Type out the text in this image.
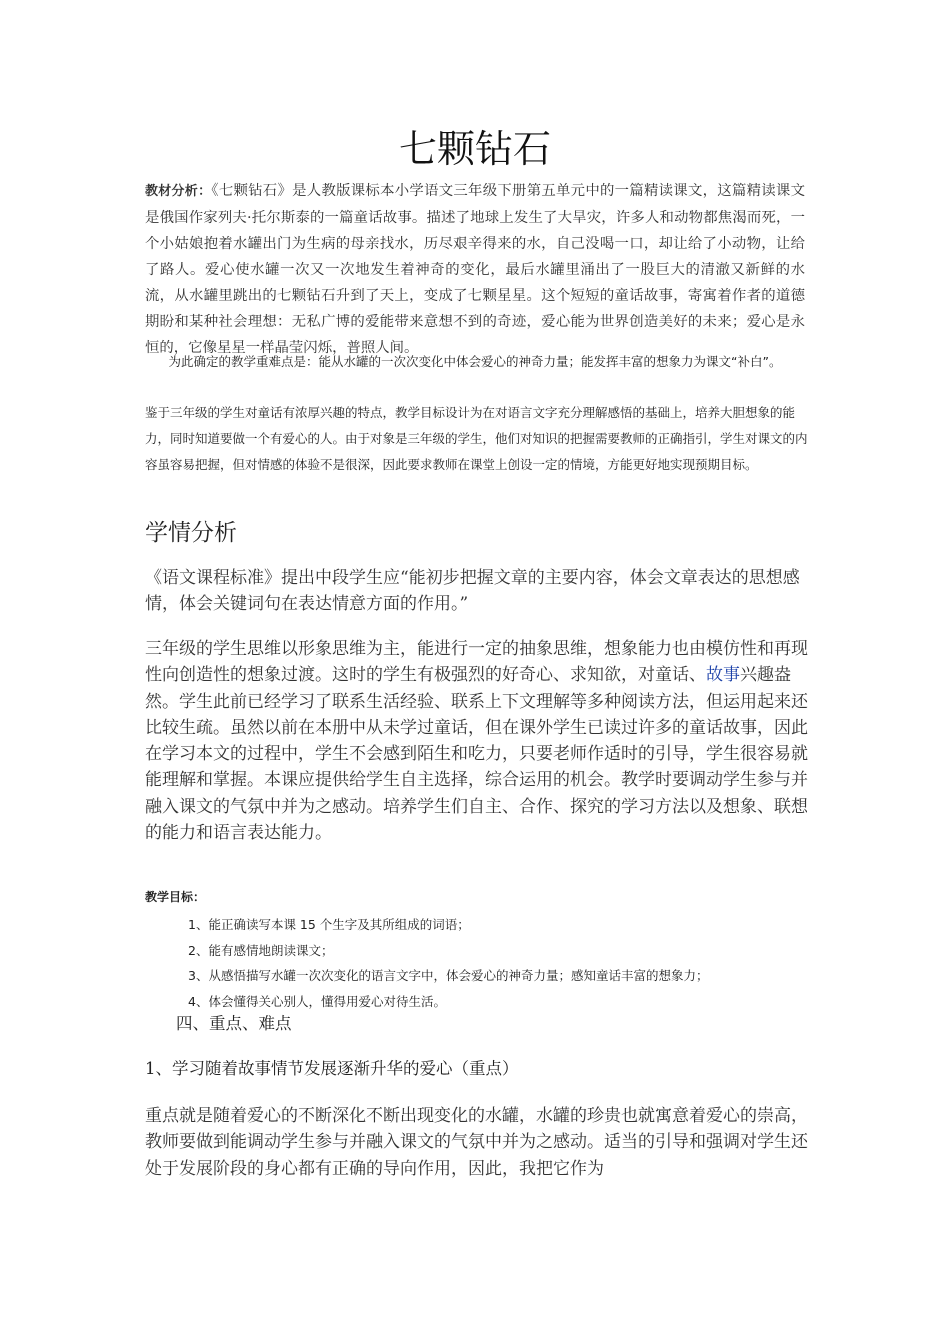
七颗钻石
教材分析：《七颗钻石》是人教版课标本小学语文三年级下册第五单元中的一篇精读课文，这篇精读课文是俄国作家列夫·托尔斯泰的一篇童话故事。描述了地球上发生了大旱灾，许多人和动物都焦渴而死，一个小姑娘抱着水罐出门为生病的母亲找水，历尽艰辛得来的水，自己没喝一口，却让给了小动物，让给了路人。爱心使水罐一次又一次地发生着神奇的变化，最后水罐里涌出了一股巨大的清澈又新鲜的水流，从水罐里跳出的七颗钻石升到了天上，变成了七颗星星。这个短短的童话故事，寄寓着作者的道德期盼和某种社会理想：无私广博的爱能带来意想不到的奇迹，爱心能为世界创造美好的未来；爱心是永恒的，它像星星一样晶莹闪烁，普照人间。
为此确定的教学重难点是：能从水罐的一次次变化中体会爱心的神奇力量；能发挥丰富的想象力为课文“补白”。
鉴于三年级的学生对童话有浓厚兴趣的特点，教学目标设计为在对语言文字充分理解感悟的基础上，培养大胆想象的能力，同时知道要做一个有爱心的人。由于对象是三年级的学生，他们对知识的把握需要教师的正确指引，学生对课文的内容虽容易把握，但对情感的体验不是很深，因此要求教师在课堂上创设一定的情境，方能更好地实现预期目标。
学情分析
《语文课程标准》提出中段学生应“能初步把握文章的主要内容，体会文章表达的思想感情，体会关键词句在表达情意方面的作用。”
三年级的学生思维以形象思维为主，能进行一定的抽象思维，想象能力也由模仿性和再现性向创造性的想象过渡。这时的学生有极强烈的好奇心、求知欲，对童话、故事兴趣盎然。学生此前已经学习了联系生活经验、联系上下文理解等多种阅读方法，但运用起来还比较生疏。虽然以前在本册中从未学过童话，但在课外学生已读过许多的童话故事，因此在学习本文的过程中，学生不会感到陌生和吃力，只要老师作适时的引导，学生很容易就能理解和掌握。本课应提供给学生自主选择，综合运用的机会。教学时要调动学生参与并融入课文的气氛中并为之感动。培养学生们自主、合作、探究的学习方法以及想象、联想的能力和语言表达能力。
教学目标：
1、能正确读写本课 15 个生字及其所组成的词语；
2、能有感情地朗读课文；
3、从感悟描写水罐一次次变化的语言文字中，体会爱心的神奇力量；感知童话丰富的想象力；
4、体会懂得关心别人，懂得用爱心对待生活。
四、重点、难点
1、学习随着故事情节发展逐渐升华的爱心（重点）
重点就是随着爱心的不断深化不断出现变化的水罐，水罐的珍贵也就寓意着爱心的崇高，教师要做到能调动学生参与并融入课文的气氛中并为之感动。适当的引导和强调对学生还处于发展阶段的身心都有正确的导向作用，因此，我把它作为
